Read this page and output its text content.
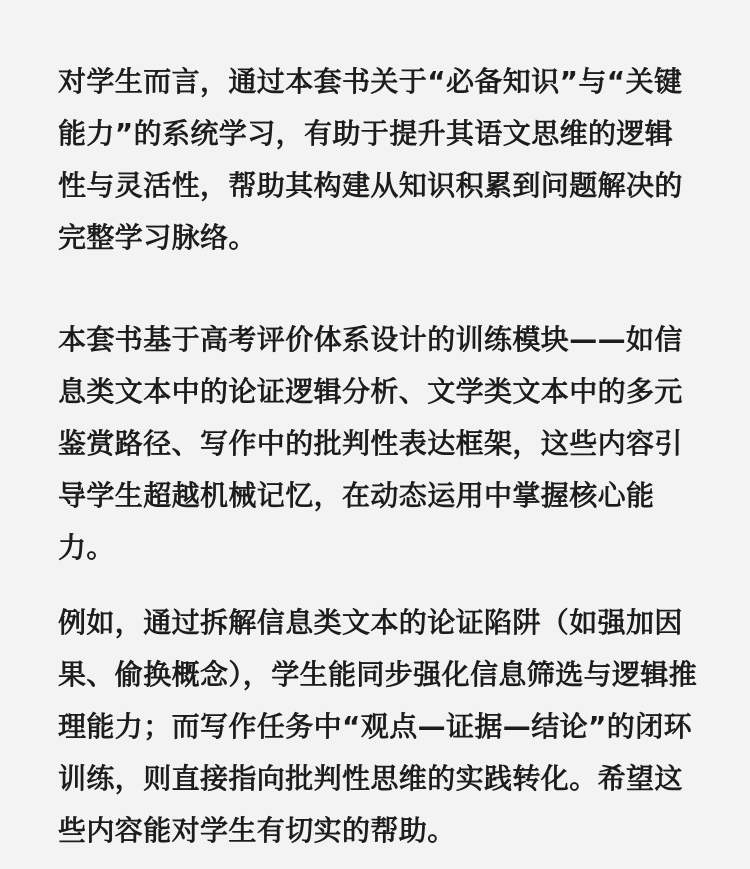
对学生而言，通过本套书关于“必备知识”与“关键能力”的系统学习，有助于提升其语文思维的逻辑性与灵活性，帮助其构建从知识积累到问题解决的完整学习脉络。

本套书基于高考评价体系设计的训练模块——如信息类文本中的论证逻辑分析、文学类文本中的多元鉴赏路径、写作中的批判性表达框架，这些内容引导学生超越机械记忆，在动态运用中掌握核心能力。

例如，通过拆解信息类文本的论证陷阱（如强加因果、偷换概念），学生能同步强化信息筛选与逻辑推理能力；而写作任务中“观点—证据—结论”的闭环训练，则直接指向批判性思维的实践转化。希望这些内容能对学生有切实的帮助。
